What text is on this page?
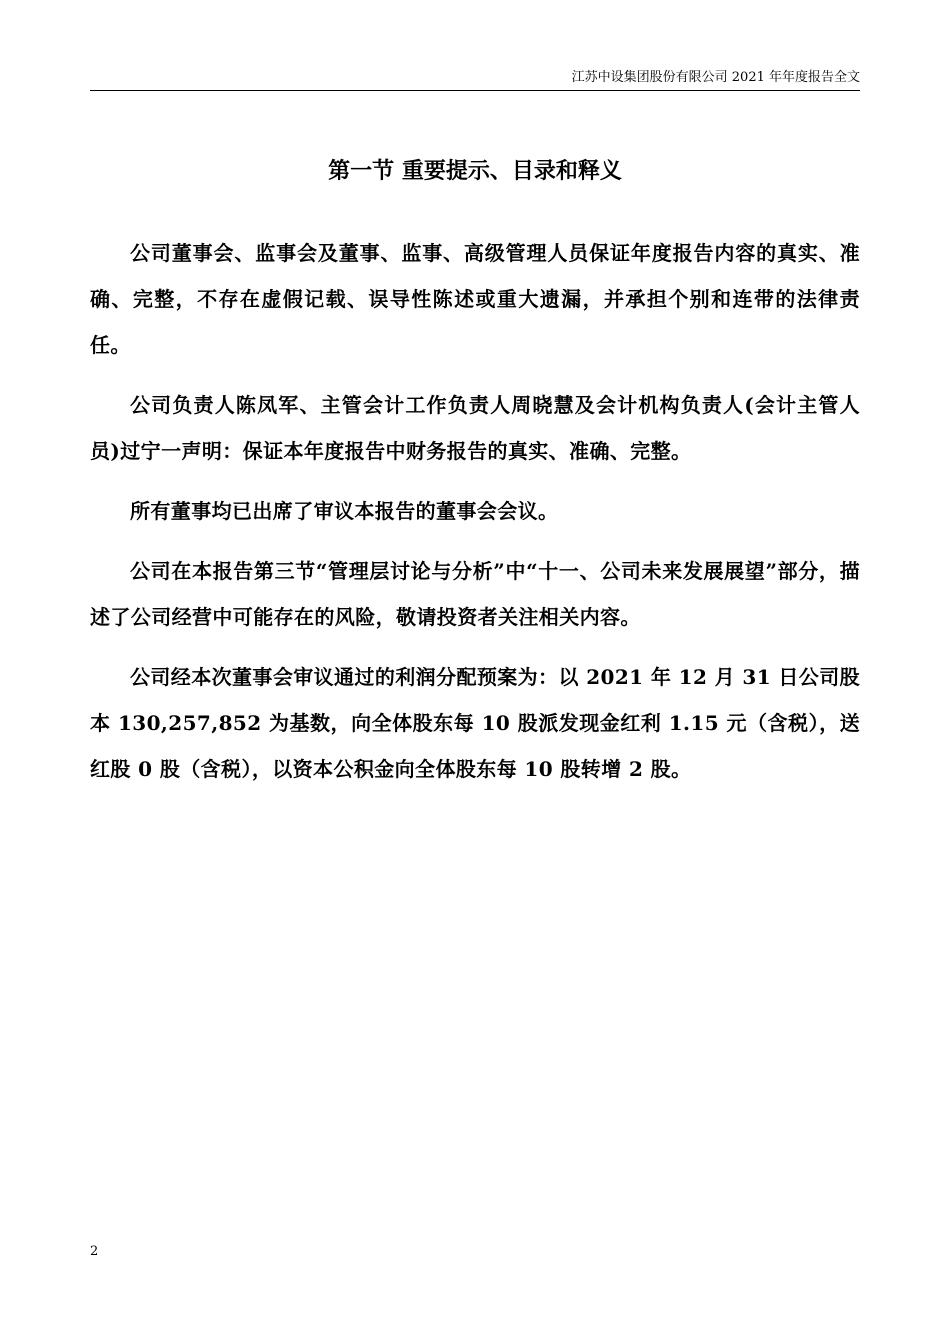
江苏中设集团股份有限公司 2021 年年度报告全文
第一节 重要提示、目录和释义

公司董事会、监事会及董事、监事、高级管理人员保证年度报告内容的真实、准确、完整，不存在虚假记载、误导性陈述或重大遗漏，并承担个别和连带的法律责任。

公司负责人陈凤军、主管会计工作负责人周晓慧及会计机构负责人(会计主管人员)过宁一声明：保证本年度报告中财务报告的真实、准确、完整。

所有董事均已出席了审议本报告的董事会会议。

公司在本报告第三节“管理层讨论与分析”中“十一、公司未来发展展望”部分，描述了公司经营中可能存在的风险，敬请投资者关注相关内容。

公司经本次董事会审议通过的利润分配预案为：以 2021 年 12 月 31 日公司股本 130,257,852 为基数，向全体股东每 10 股派发现金红利 1.15 元（含税），送红股 0 股（含税），以资本公积金向全体股东每 10 股转增 2 股。

2
